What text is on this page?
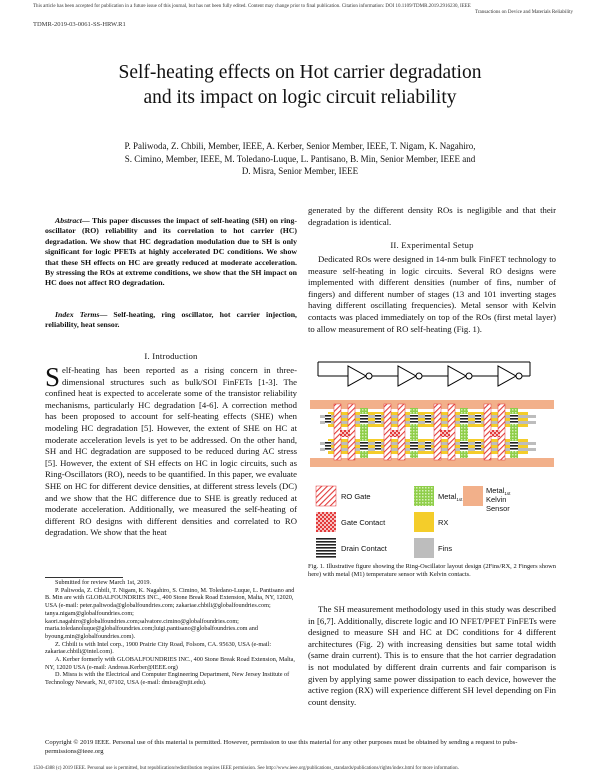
This article has been accepted for publication in a future issue of this journal, but has not been fully edited. Content may change prior to final publication. Citation information: DOI 10.1109/TDMR.2019.2916230, IEEE
Transactions on Device and Materials Reliability
TDMR-2019-03-0061-SS-HRW.R1
Self-heating effects on Hot carrier degradation
and its impact on logic circuit reliability
P. Paliwoda, Z. Chbili, Member, IEEE, A. Kerber, Senior Member, IEEE, T. Nigam, K. Nagahiro,
S. Cimino, Member, IEEE, M. Toledano-Luque, L. Pantisano, B. Min, Senior Member, IEEE and
D. Misra, Senior Member, IEEE
Abstract— This paper discusses the impact of self-heating (SH) on ring-oscillator (RO) reliability and its correlation to hot carrier (HC) degradation. We show that HC degradation modulation due to SH is only significant for logic PFETs at highly accelerated DC conditions. We show that these SH effects on HC are greatly reduced at moderate acceleration. By stressing the ROs at extreme conditions, we show that the SH impact on HC does not affect RO degradation.
Index Terms— Self-heating, ring oscillator, hot carrier injection, reliability, heat sensor.
I. Introduction
Self-heating has been reported as a rising concern in three-dimensional structures such as bulk/SOI FinFETs [1-3]. The confined heat is expected to accelerate some of the transistor reliability mechanisms, particularly HC degradation [4-6]. A correction method has been proposed to account for self-heating effects (SHE) when modeling HC degradation [5]. However, the extent of SHE on HC at moderate acceleration levels is yet to be addressed. On the other hand, SH and HC degradation are supposed to be reduced during AC stress [5]. However, the extent of SH effects on HC in logic circuits, such as Ring-Oscillators (RO), needs to be quantified. In this paper, we evaluate SHE on HC for different device densities, at different stress levels (DC) and we show that the HC difference due to SHE is greatly reduced at moderate acceleration. Additionally, we measured the self-heating of different RO designs with different densities and correlated to RO degradation. We show that the heat

Submitted for review March 1st, 2019.

P. Paliwoda, Z. Chbili, T. Nigam, K. Nagahiro, S. Cimino, M. Toledano-Luque, L. Pantisano and B. Min are with GLOBALFOUNDRIES INC., 400 Stone Break Road Extension, Malta, NY, 12020, USA (e-mail: peter.paliwoda@globalfoundries.com; zakariae.chbili@globalfoundries.com; tanya.nigam@globalfoundries.com; kaori.nagahiro@globalfoundries.com;salvatore.cimino@globalfoundries.com; maria.toledanoluque@globalfoundries.com;luigi.pantisano@globalfoundries.com and byoung.min@globalfoundries.com).

Z. Chbili is with Intel corp., 1900 Prairie City Road, Folsom, CA. 95630, USA (e-mail: zakariae.chbili@intel.com).

A. Kerber formerly with GLOBALFOUNDRIES INC., 400 Stone Break Road Extension, Malta, NY, 12020 USA (e-mail: Andreas.Kerber@IEEE.org)

D. Misra is with the Electrical and Computer Engineering Department, New Jersey Institute of Technology Newark, NJ, 07102, USA (e-mail: dmisra@njit.edu).

generated by the different density ROs is negligible and that their degradation is identical.
II. Experimental Setup
Dedicated ROs were designed in 14-nm bulk FinFET technology to measure self-heating in logic circuits. Several RO designs were implemented with different densities (number of fins, number of fingers) and different number of stages (13 and 101 inverting stages having different oscillating frequencies). Metal sensor with Kelvin contacts was placed immediately on top of the ROs (first metal layer) to allow measurement of RO self-heating (Fig. 1).
RO Gate
Gate Contact
Drain Contact
Metal$_{1st}$
RX
Fins
Metal$_{1st}$
Kelvin
Sensor
Fig. 1. Illustrative figure showing the Ring-Oscillator layout design (2Fins/RX, 2 Fingers shown here) with metal (M1) temperature sensor with Kelvin contacts.
The SH measurement methodology used in this study was described in [6,7]. Additionally, discrete logic and IO NFET/PFET FinFETs were designed to measure SH and HC at DC conditions for 4 different architectures (Fig. 2) with increasing densities but same total width (same drain current). This is to ensure that the hot carrier degradation is not modulated by different drain currents and fair comparison is given by applying same power dissipation to each device, however the active region (RX) will experience different SH level depending on Fin count density.
Copyright © 2019 IEEE. Personal use of this material is permitted. However, permission to use this material for any other purposes must be obtained by sending a request to pubs-permissions@ieee.org
1530-4388 (c) 2019 IEEE. Personal use is permitted, but republication/redistribution requires IEEE permission. See http://www.ieee.org/publications_standards/publications/rights/index.html for more information.
